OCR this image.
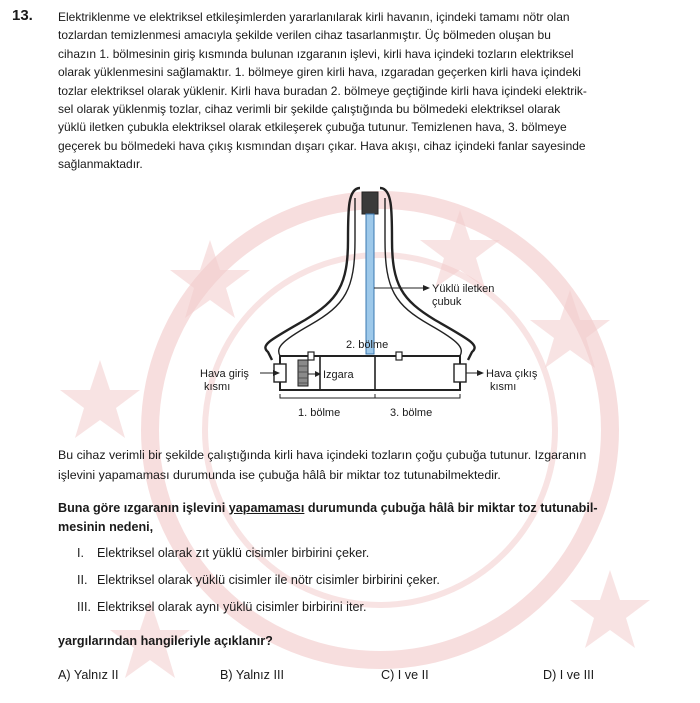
13. Elektriklenme ve elektriksel etkileşimlerden yararlanılarak kirli havanın, içindeki tamamı nötr olan
tozlardan temizlenmesi amacıyla şekilde verilen cihaz tasarlanmıştır. Üç bölmeden oluşan bu
cihazın 1. bölmesinin giriş kısmında bulunan ızgaranın işlevi, kirli hava içindeki tozların elektriksel
olarak yüklenmesini sağlamaktır. 1. bölmeye giren kirli hava, ızgaradan geçerken kirli hava içindeki
tozlar elektriksel olarak yüklenir. Kirli hava buradan 2. bölmeye geçtiğinde kirli hava içindeki elektrik-
sel olarak yüklenmiş tozlar, cihaz verimli bir şekilde çalıştığında bu bölmedeki elektriksel olarak
yüklü iletken çubukla elektriksel olarak etkileşerek çubuğa tutunur. Temizlenen hava, 3. bölmeye
geçerek bu bölmedeki hava çıkış kısmından dışarı çıkar. Hava akışı, cihaz içindeki fanlar sayesinde
sağlanmaktadır.
Yüklü iletken
çubuk
2. bölme
Hava giriş
kısmı
Izgara	Hava çıkış
kısmı
1. bölme	3. bölme
Bu cihaz verimli bir şekilde çalıştığında kirli hava içindeki tozların çoğu çubuğa tutunur. Izgaranın
işlevini yapamaması durumunda ise çubuğa hâlâ bir miktar toz tutunabilmektedir.
Buna göre ızgaranın işlevini yapamaması durumunda çubuğa hâlâ bir miktar toz tutunabil-
mesinin nedeni,
I. Elektriksel olarak zıt yüklü cisimler birbirini çeker.
II. Elektriksel olarak yüklü cisimler ile nötr cisimler birbirini çeker.
III. Elektriksel olarak aynı yüklü cisimler birbirini iter.
yargılarından hangileriyle açıklanır?
A) Yalnız II	B) Yalnız III	C) I ve II	D) I ve III
